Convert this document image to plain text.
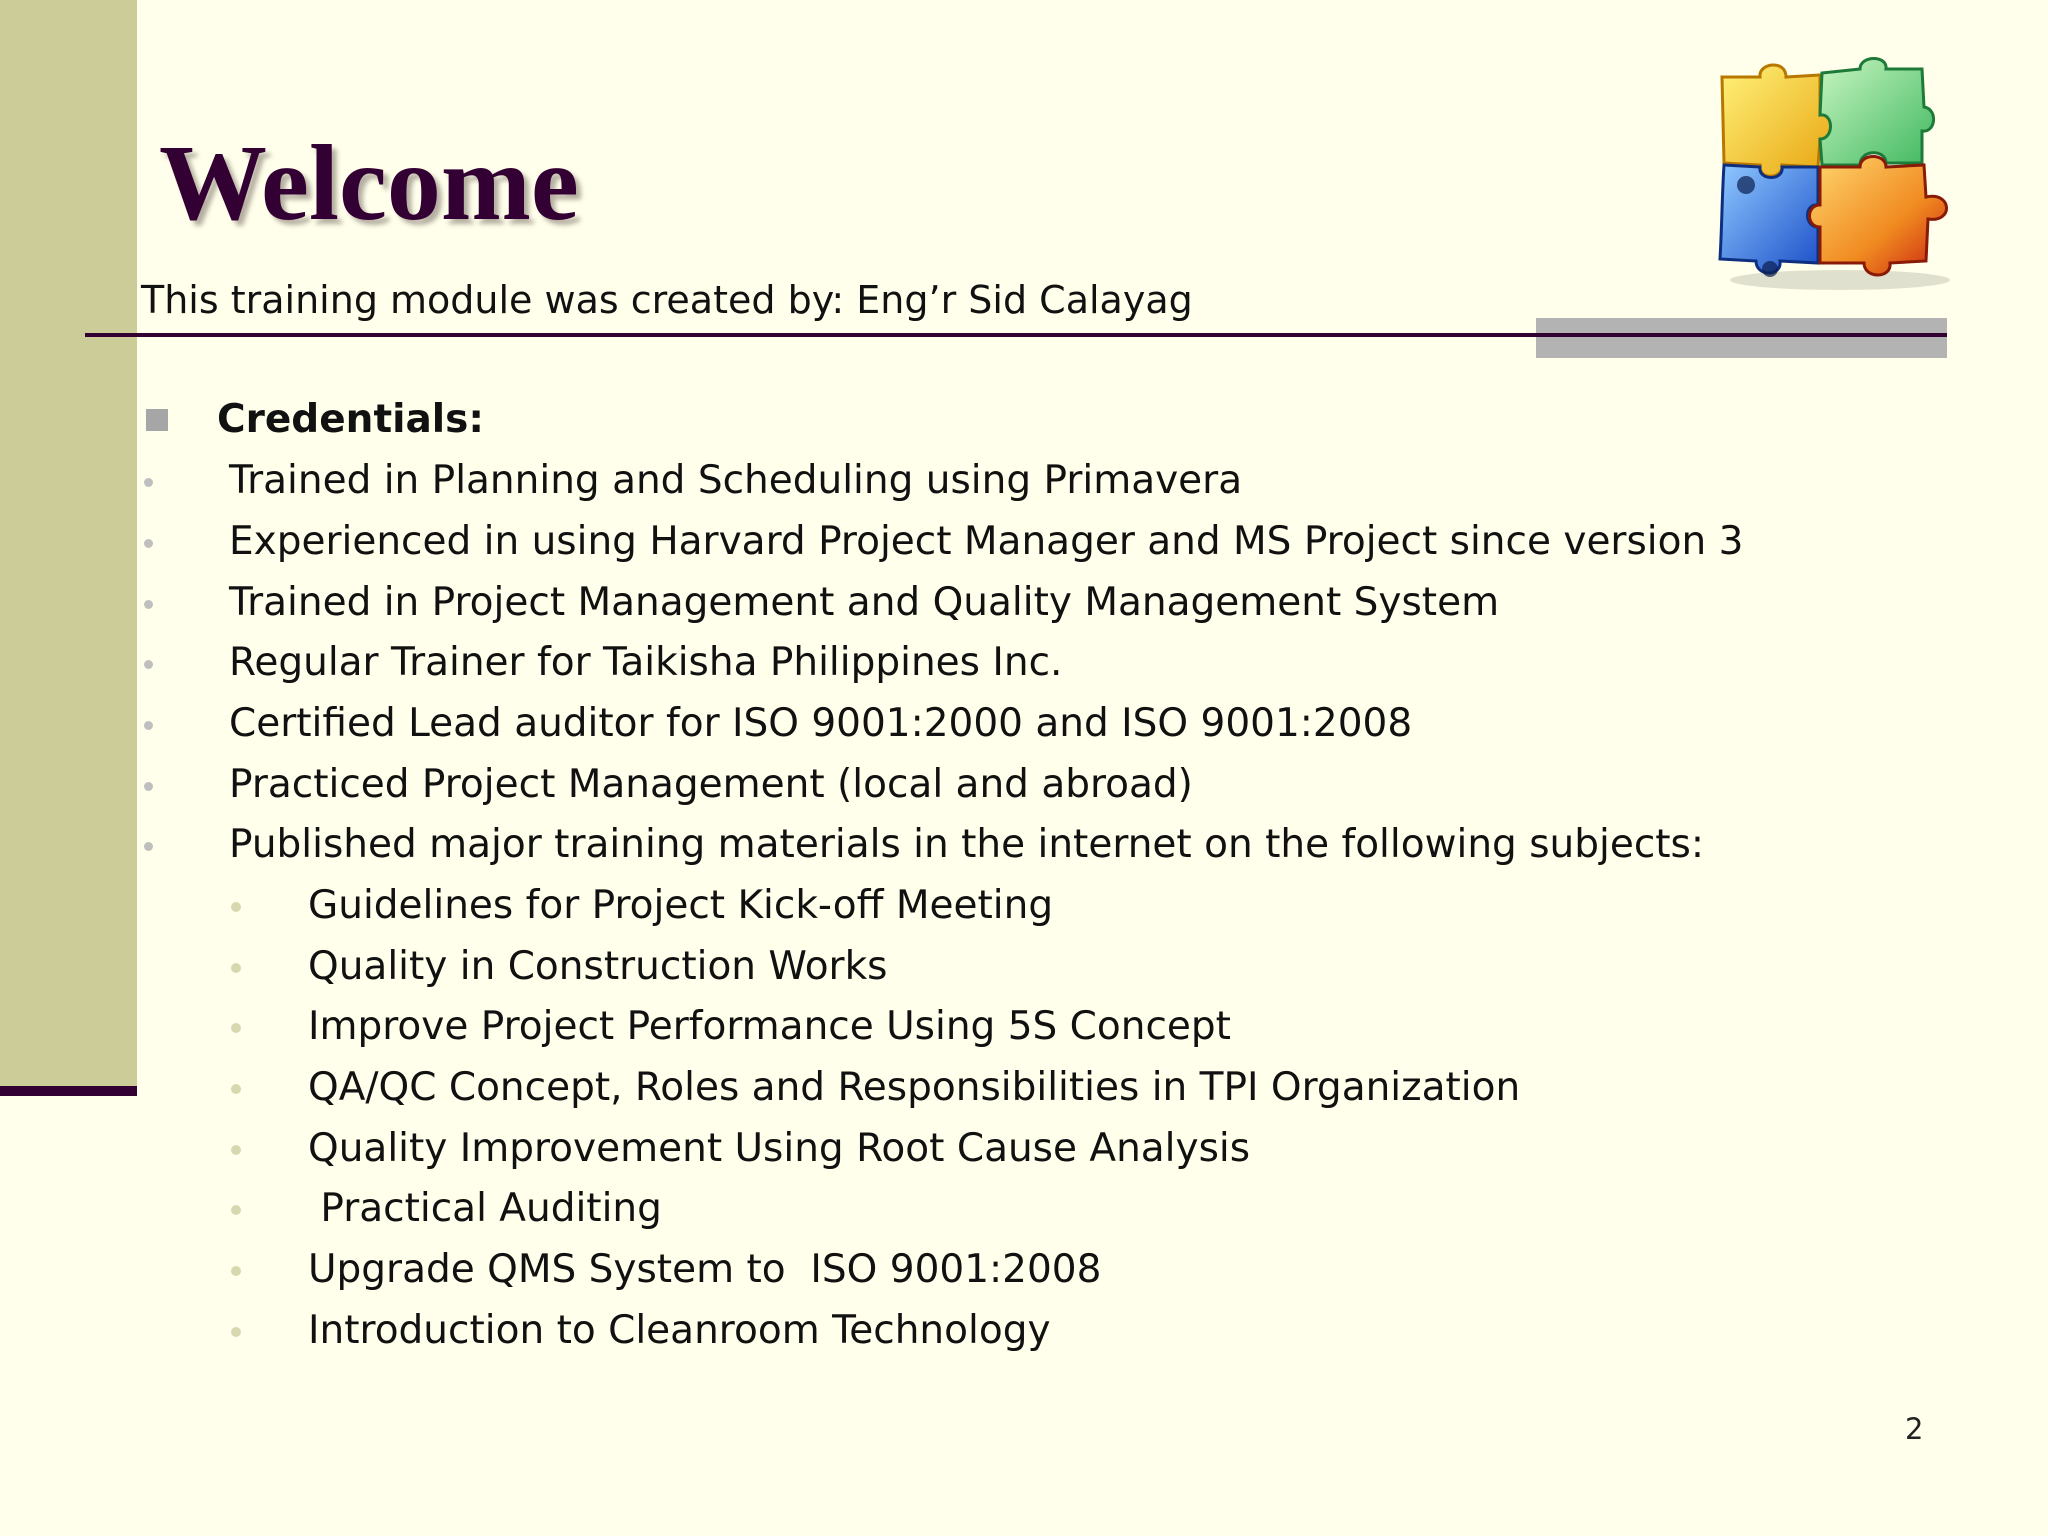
Welcome
This training module was created by: Eng’r Sid Calayag
Credentials:
Trained in Planning and Scheduling using Primavera
Experienced in using Harvard Project Manager and MS Project since version 3
Trained in Project Management and Quality Management System
Regular Trainer for Taikisha Philippines Inc.
Certified Lead auditor for ISO 9001:2000 and ISO 9001:2008
Practiced Project Management (local and abroad)
Published major training materials in the internet on the following subjects:
Guidelines for Project Kick-off Meeting
Quality in Construction Works
Improve Project Performance Using 5S Concept
QA/QC Concept, Roles and Responsibilities in TPI Organization
Quality Improvement Using Root Cause Analysis
Practical Auditing
Upgrade QMS System to  ISO 9001:2008
Introduction to Cleanroom Technology
2
